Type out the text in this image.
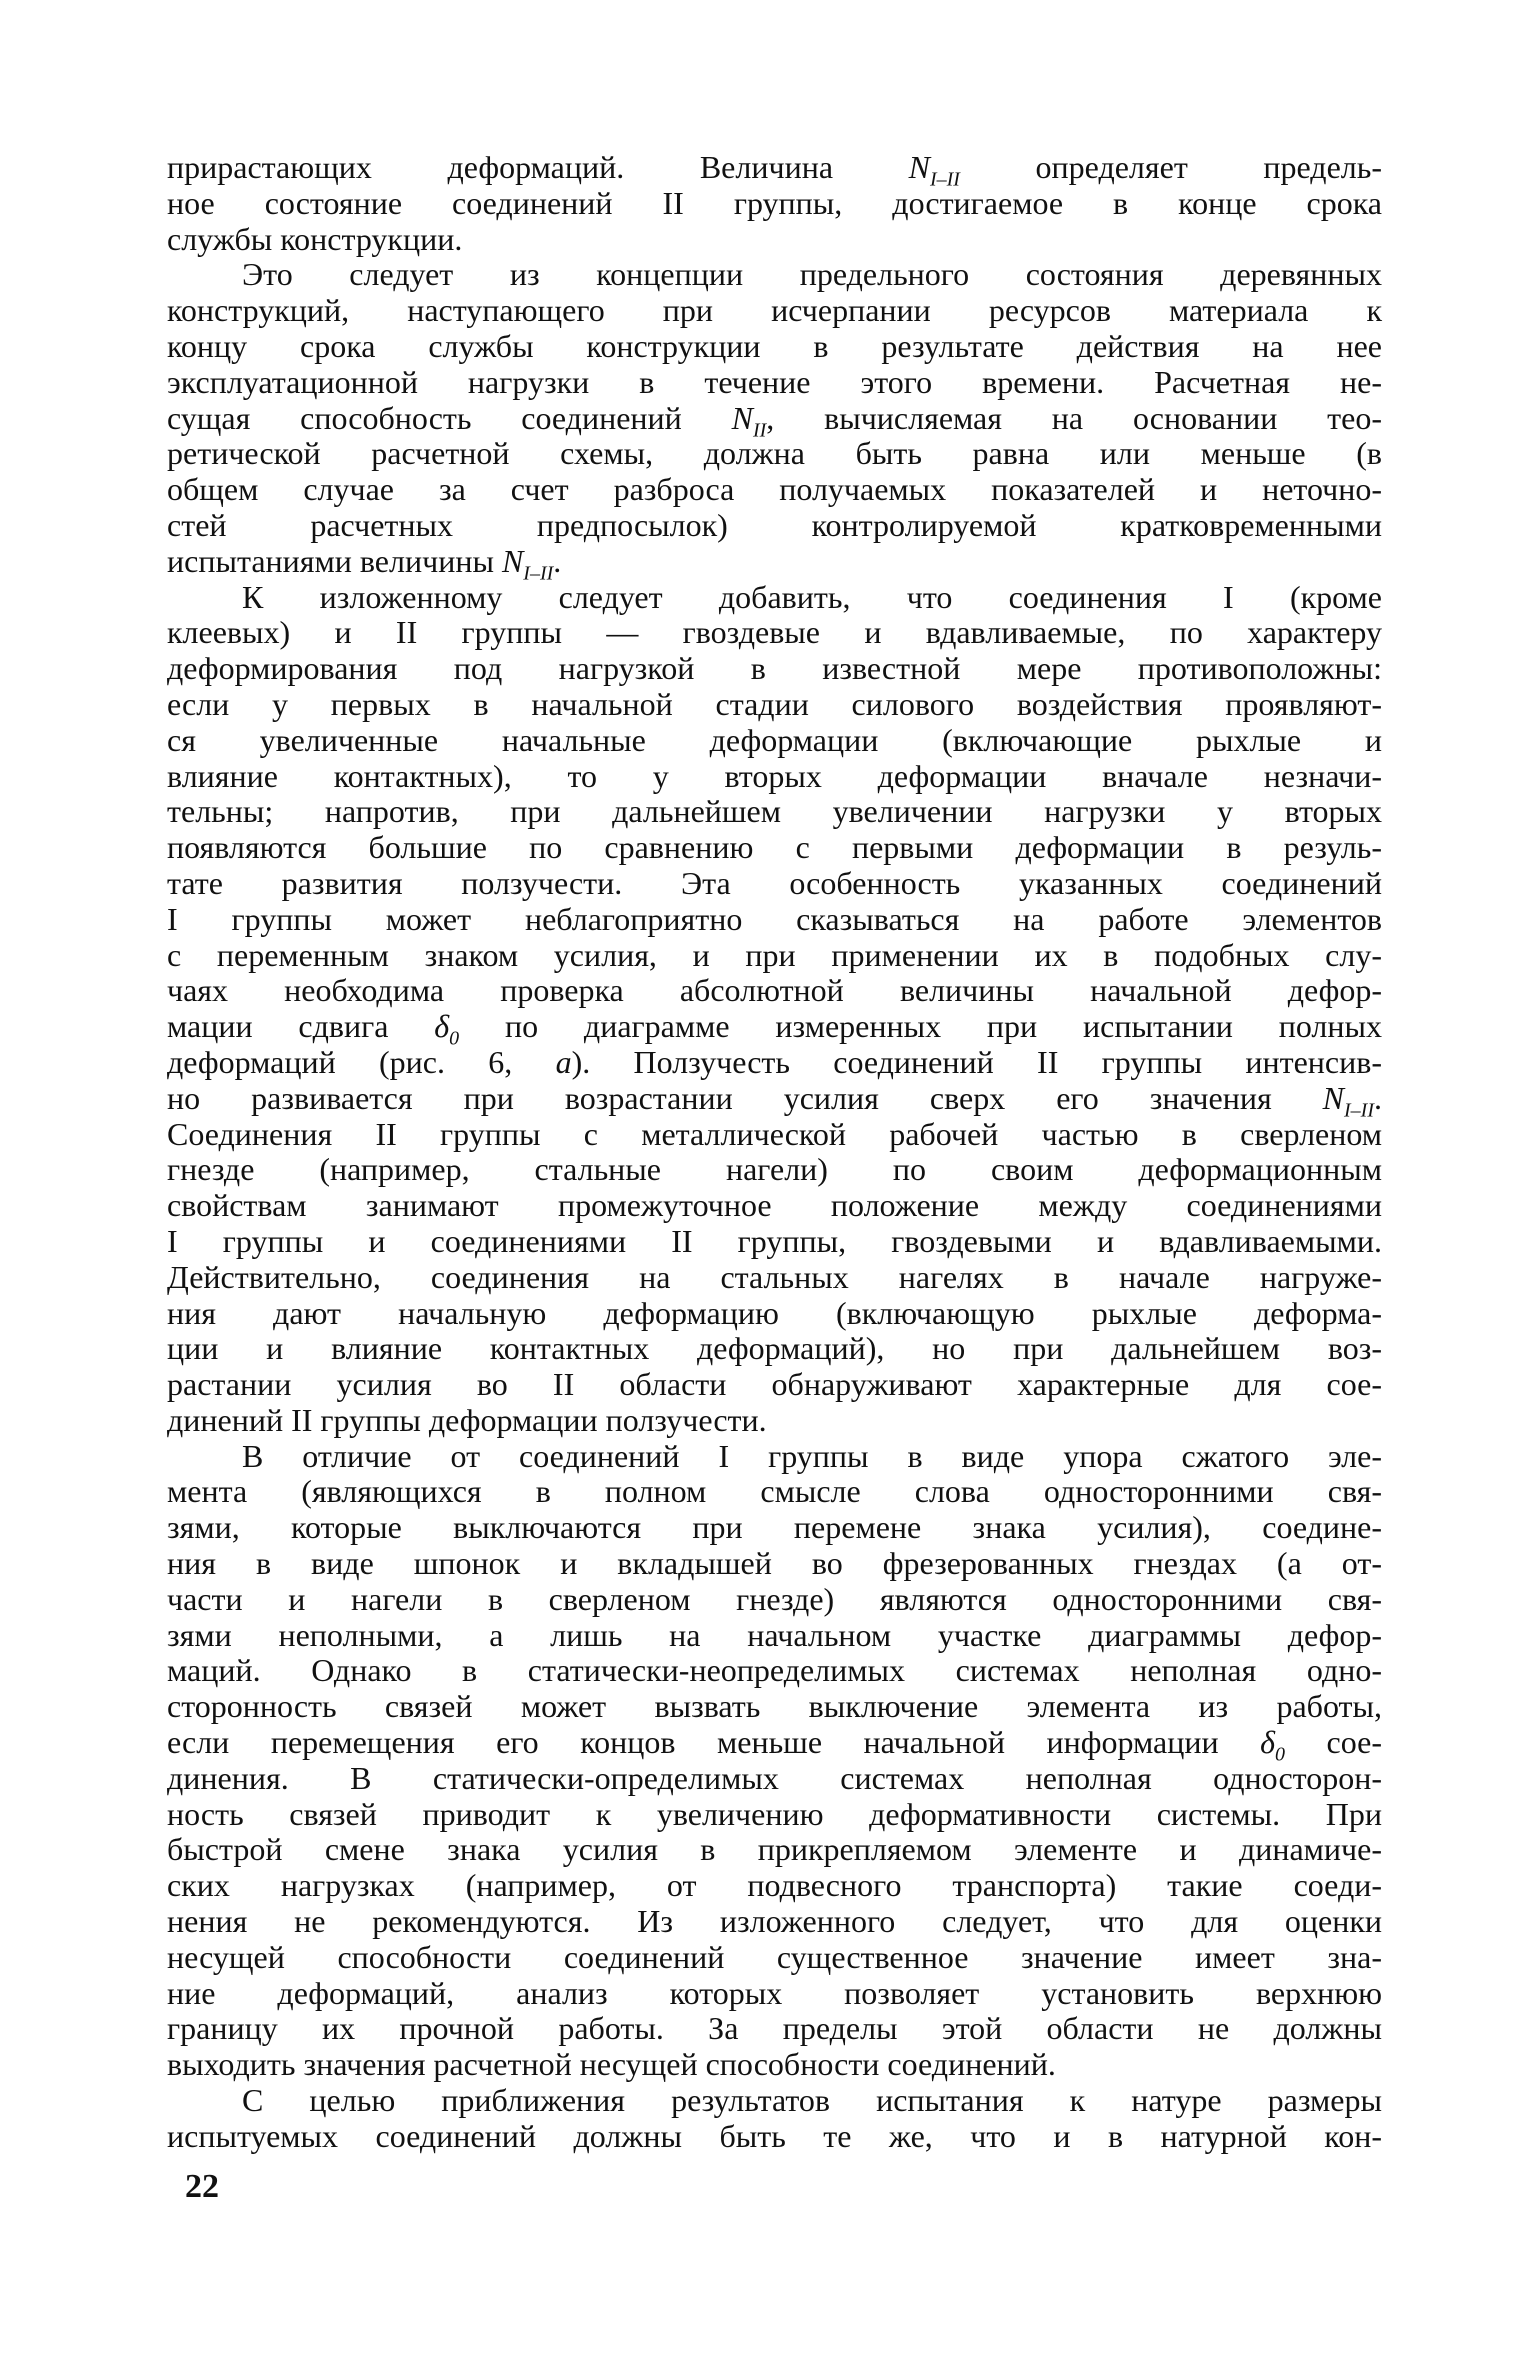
прирастающих деформаций. Величина $N_{I-II}$ определяет предель-
ное состояние соединений II группы, достигаемое в конце срока
службы конструкции.
Это следует из концепции предельного состояния деревянных
конструкций, наступающего при исчерпании ресурсов материала к
концу срока службы конструкции в результате действия на нее
эксплуатационной нагрузки в течение этого времени. Расчетная не-
сущая способность соединений $N_{II}$, вычисляемая на основании тео-
ретической расчетной схемы, должна быть равна или меньше (в
общем случае за счет разброса получаемых показателей и неточно-
стей расчетных предпосылок) контролируемой кратковременными
испытаниями величины $N_{I-II}$.
К изложенному следует добавить, что соединения I (кроме
клеевых) и II группы — гвоздевые и вдавливаемые, по характеру
деформирования под нагрузкой в известной мере противоположны:
если у первых в начальной стадии силового воздействия проявляют-
ся увеличенные начальные деформации (включающие рыхлые и
влияние контактных), то у вторых деформации вначале незначи-
тельны; напротив, при дальнейшем увеличении нагрузки у вторых
появляются большие по сравнению с первыми деформации в резуль-
тате развития ползучести. Эта особенность указанных соединений
I группы может неблагоприятно сказываться на работе элементов
с переменным знаком усилия, и при применении их в подобных слу-
чаях необходима проверка абсолютной величины начальной дефор-
мации сдвига $\delta_0$ по диаграмме измеренных при испытании полных
деформаций (рис. 6, а). Ползучесть соединений II группы интенсив-
но развивается при возрастании усилия сверх его значения $N_{I-II}$.
Соединения II группы с металлической рабочей частью в сверленом
гнезде (например, стальные нагели) по своим деформационным
свойствам занимают промежуточное положение между соединениями
I группы и соединениями II группы, гвоздевыми и вдавливаемыми.
Действительно, соединения на стальных нагелях в начале нагруже-
ния дают начальную деформацию (включающую рыхлые деформа-
ции и влияние контактных деформаций), но при дальнейшем воз-
растании усилия во II области обнаруживают характерные для сое-
динений II группы деформации ползучести.
В отличие от соединений I группы в виде упора сжатого эле-
мента (являющихся в полном смысле слова односторонними свя-
зями, которые выключаются при перемене знака усилия), соедине-
ния в виде шпонок и вкладышей во фрезерованных гнездах (а от-
части и нагели в сверленом гнезде) являются односторонними свя-
зями неполными, а лишь на начальном участке диаграммы дефор-
маций. Однако в статически-неопределимых системах неполная одно-
сторонность связей может вызвать выключение элемента из работы,
если перемещения его концов меньше начальной информации $\delta_0$ сое-
динения. В статически-определимых системах неполная односторон-
ность связей приводит к увеличению деформативности системы. При
быстрой смене знака усилия в прикрепляемом элементе и динамиче-
ских нагрузках (например, от подвесного транспорта) такие соеди-
нения не рекомендуются. Из изложенного следует, что для оценки
несущей способности соединений существенное значение имеет зна-
ние деформаций, анализ которых позволяет установить верхнюю
границу их прочной работы. За пределы этой области не должны
выходить значения расчетной несущей способности соединений.
С целью приближения результатов испытания к натуре размеры
испытуемых соединений должны быть те же, что и в натурной кон-
22
